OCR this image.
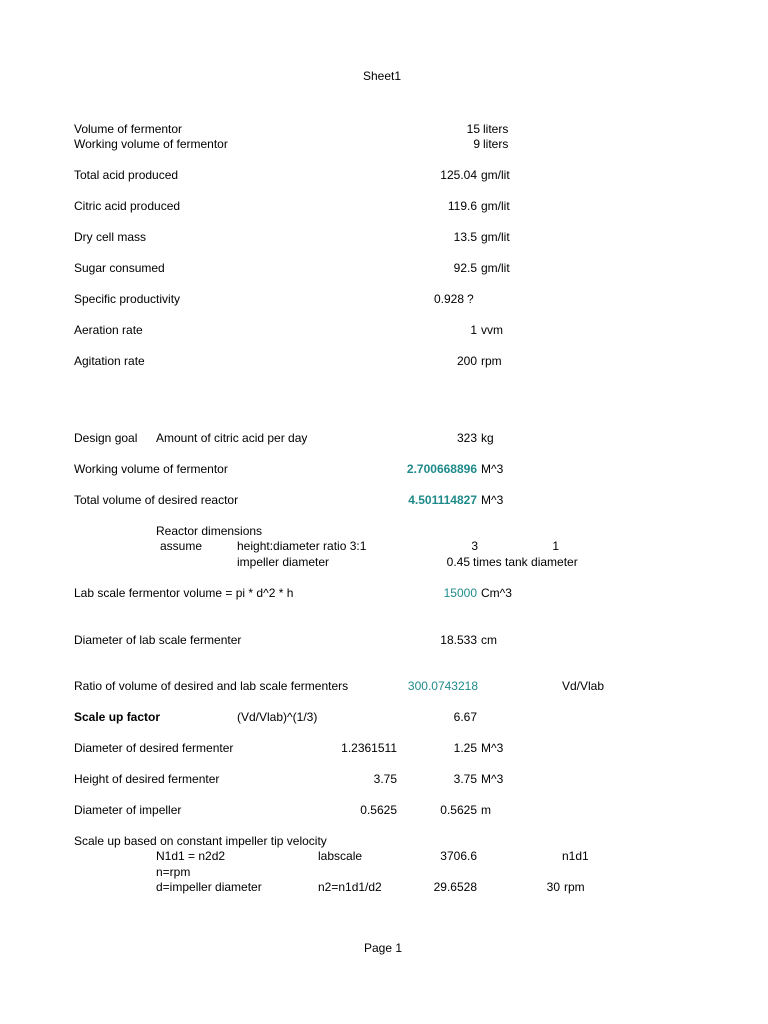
Sheet1
Volume of fermentor	15 liters
Working volume of fermentor	9 liters
Total acid produced	125.04 gm/lit
Citric acid produced	119.6 gm/lit
Dry cell mass	13.5 gm/lit
Sugar consumed	92.5 gm/lit
Specific productivity	0.928 ?
Aeration rate	1 vvm
Agitation rate	200 rpm
Design goal Amount of citric acid per day	323 kg
Working volume of fermentor	2.700668896 M^3
Total volume of desired reactor	4.501114827 M^3
Reactor dimensions
assume	height:diameter ratio 3:1	3	1
impeller diameter	0.45 times tank diameter
Lab scale fermentor volume = pi * d^2 * h	15000 Cm^3
Diameter of lab scale fermenter	18.533 cm
Ratio of volume of desired and lab scale fermenters	300.0743218	Vd/Vlab
Scale up factor	(Vd/Vlab)^(1/3)	6.67
Diameter of desired fermenter	1.2361511	1.25 M^3
Height of desired fermenter	3.75	3.75 M^3
Diameter of impeller	0.5625	0.5625 m
Scale up based on constant impeller tip velocity
N1d1 = n2d2	labscale	3706.6	n1d1
n=rpm
d=impeller diameter	n2=n1d1/d2	29.6528	30 rpm
Page 1
